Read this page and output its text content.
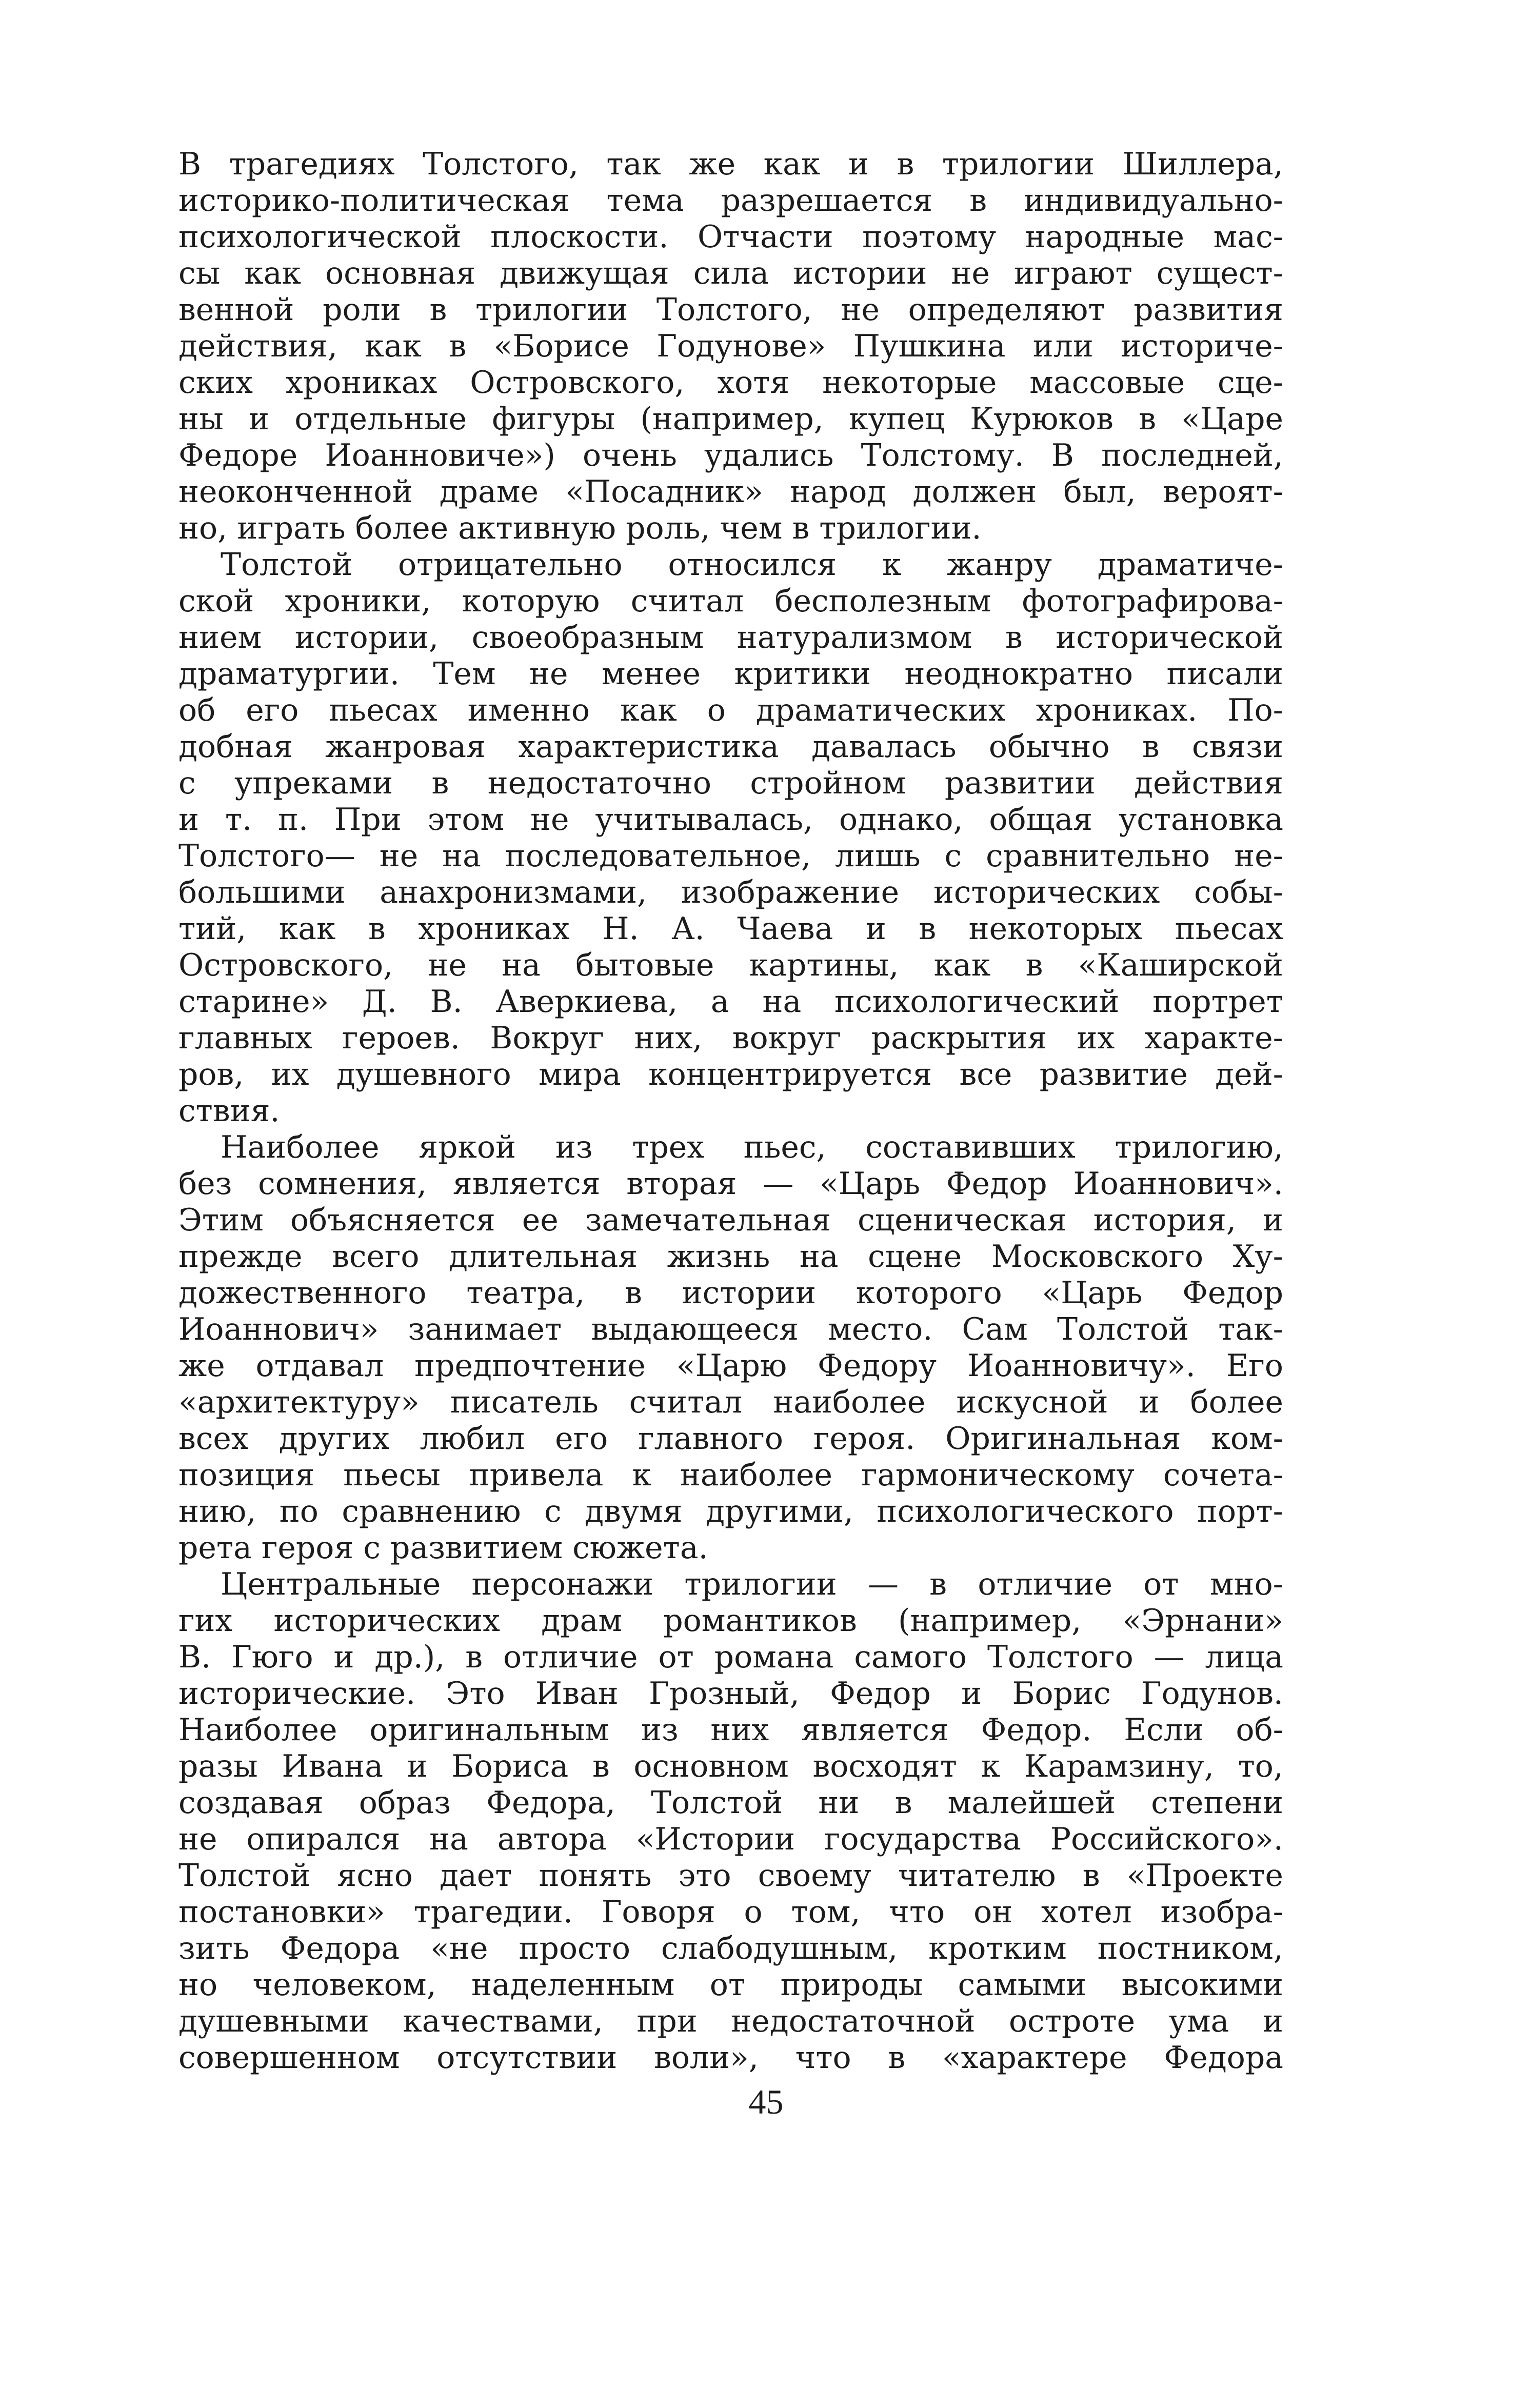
В трагедиях Толстого, так же как и в трилогии Шиллера,
историко-политическая тема разрешается в индивидуально-
психологической плоскости. Отчасти поэтому народные мас-
сы как основная движущая сила истории не играют сущест-
венной роли в трилогии Толстого, не определяют развития
действия, как в «Борисе Годунове» Пушкина или историче-
ских хрониках Островского, хотя некоторые массовые сце-
ны и отдельные фигуры (например, купец Курюков в «Царе
Федоре Иоанновиче») очень удались Толстому. В последней,
неоконченной драме «Посадник» народ должен был, вероят-
но, играть более активную роль, чем в трилогии.
Толстой отрицательно относился к жанру драматиче-
ской хроники, которую считал бесполезным фотографирова-
нием истории, своеобразным натурализмом в исторической
драматургии. Тем не менее критики неоднократно писали
об его пьесах именно как о драматических хрониках. По-
добная жанровая характеристика давалась обычно в связи
с упреками в недостаточно стройном развитии действия
и т. п. При этом не учитывалась, однако, общая установка
Толстого— не на последовательное, лишь с сравнительно не-
большими анахронизмами, изображение исторических собы-
тий, как в хрониках Н. А. Чаева и в некоторых пьесах
Островского, не на бытовые картины, как в «Каширской
старине» Д. В. Аверкиева, а на психологический портрет
главных героев. Вокруг них, вокруг раскрытия их характе-
ров, их душевного мира концентрируется все развитие дей-
ствия.
Наиболее яркой из трех пьес, составивших трилогию,
без сомнения, является вторая — «Царь Федор Иоаннович».
Этим объясняется ее замечательная сценическая история, и
прежде всего длительная жизнь на сцене Московского Ху-
дожественного театра, в истории которого «Царь Федор
Иоаннович» занимает выдающееся место. Сам Толстой так-
же отдавал предпочтение «Царю Федору Иоанновичу». Его
«архитектуру» писатель считал наиболее искусной и более
всех других любил его главного героя. Оригинальная ком-
позиция пьесы привела к наиболее гармоническому сочета-
нию, по сравнению с двумя другими, психологического порт-
рета героя с развитием сюжета.
Центральные персонажи трилогии — в отличие от мно-
гих исторических драм романтиков (например, «Эрнани»
В. Гюго и др.), в отличие от романа самого Толстого — лица
исторические. Это Иван Грозный, Федор и Борис Годунов.
Наиболее оригинальным из них является Федор. Если об-
разы Ивана и Бориса в основном восходят к Карамзину, то,
создавая образ Федора, Толстой ни в малейшей степени
не опирался на автора «Истории государства Российского».
Толстой ясно дает понять это своему читателю в «Проекте
постановки» трагедии. Говоря о том, что он хотел изобра-
зить Федора «не просто слабодушным, кротким постником,
но человеком, наделенным от природы самыми высокими
душевными качествами, при недостаточной остроте ума и
совершенном отсутствии воли», что в «характере Федора
45
